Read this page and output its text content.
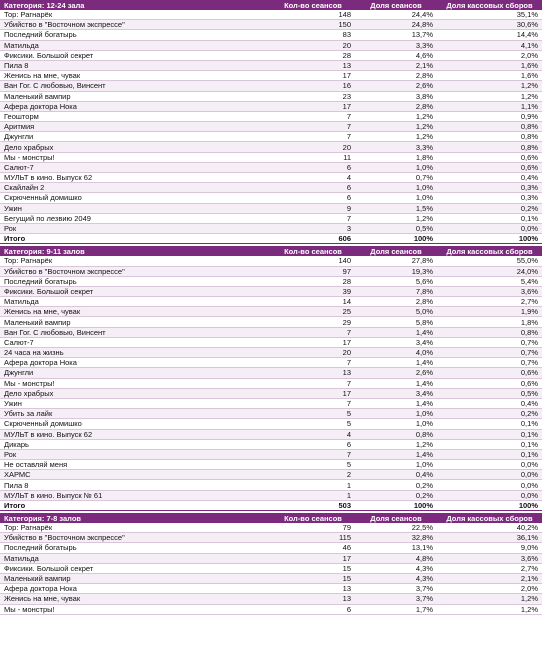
Категория: 12-24 зала	Кол-во сеансов	Доля сеансов	Доля кассовых сборов
Тор: Рагнарёк	148	24,4%	35,1%
Убийство в "Восточном экспрессе"	150	24,8%	30,6%
Последний богатырь	83	13,7%	14,4%
Матильда	20	3,3%	4,1%
Фиксики. Большой секрет	28	4,6%	2,0%
Пила 8	13	2,1%	1,6%
Женись на мне, чувак	17	2,8%	1,6%
Ван Гог. С любовью, Винсент	16	2,6%	1,2%
Маленький вампир	23	3,8%	1,2%
Афера доктора Нока	17	2,8%	1,1%
Геошторм	7	1,2%	0,9%
Аритмия	7	1,2%	0,8%
Джунгли	7	1,2%	0,8%
Дело храбрых	20	3,3%	0,8%
Мы - монстры!	11	1,8%	0,6%
Салют-7	6	1,0%	0,6%
МУЛЬТ в кино. Выпуск 62	4	0,7%	0,4%
Скайлайн 2	6	1,0%	0,3%
Скрюченный домишко	6	1,0%	0,3%
Ужин	9	1,5%	0,2%
Бегущий по лезвию 2049	7	1,2%	0,1%
Рок	3	0,5%	0,0%
Итого	606	100%	100%
Категория: 9-11 залов	Кол-во сеансов	Доля сеансов	Доля кассовых сборов
Тор: Рагнарёк	140	27,8%	55,0%
Убийство в "Восточном экспрессе"	97	19,3%	24,0%
Последний богатырь	28	5,6%	5,4%
Фиксики. Большой секрет	39	7,8%	3,6%
Матильда	14	2,8%	2,7%
Женись на мне, чувак	25	5,0%	1,9%
Маленький вампир	29	5,8%	1,8%
Ван Гог. С любовью, Винсент	7	1,4%	0,8%
Салют-7	17	3,4%	0,7%
24 часа на жизнь	20	4,0%	0,7%
Афера доктора Нока	7	1,4%	0,7%
Джунгли	13	2,6%	0,6%
Мы - монстры!	7	1,4%	0,6%
Дело храбрых	17	3,4%	0,5%
Ужин	7	1,4%	0,4%
Убить за лайк	5	1,0%	0,2%
Скрюченный домишко	5	1,0%	0,1%
МУЛЬТ в кино. Выпуск 62	4	0,8%	0,1%
Дикарь	6	1,2%	0,1%
Рок	7	1,4%	0,1%
Не оставляй меня	5	1,0%	0,0%
ХАРМС	2	0,4%	0,0%
Пила 8	1	0,2%	0,0%
МУЛЬТ в кино. Выпуск № 61	1	0,2%	0,0%
Итого	503	100%	100%
Категория: 7-8 залов	Кол-во сеансов	Доля сеансов	Доля кассовых сборов
Тор: Рагнарёк	79	22,5%	40,2%
Убийство в "Восточном экспрессе"	115	32,8%	36,1%
Последний богатырь	46	13,1%	9,0%
Матильда	17	4,8%	3,6%
Фиксики. Большой секрет	15	4,3%	2,7%
Маленький вампир	15	4,3%	2,1%
Афера доктора Нока	13	3,7%	2,0%
Женись на мне, чувак	13	3,7%	1,2%
Мы - монстры!	6	1,7%	1,2%
